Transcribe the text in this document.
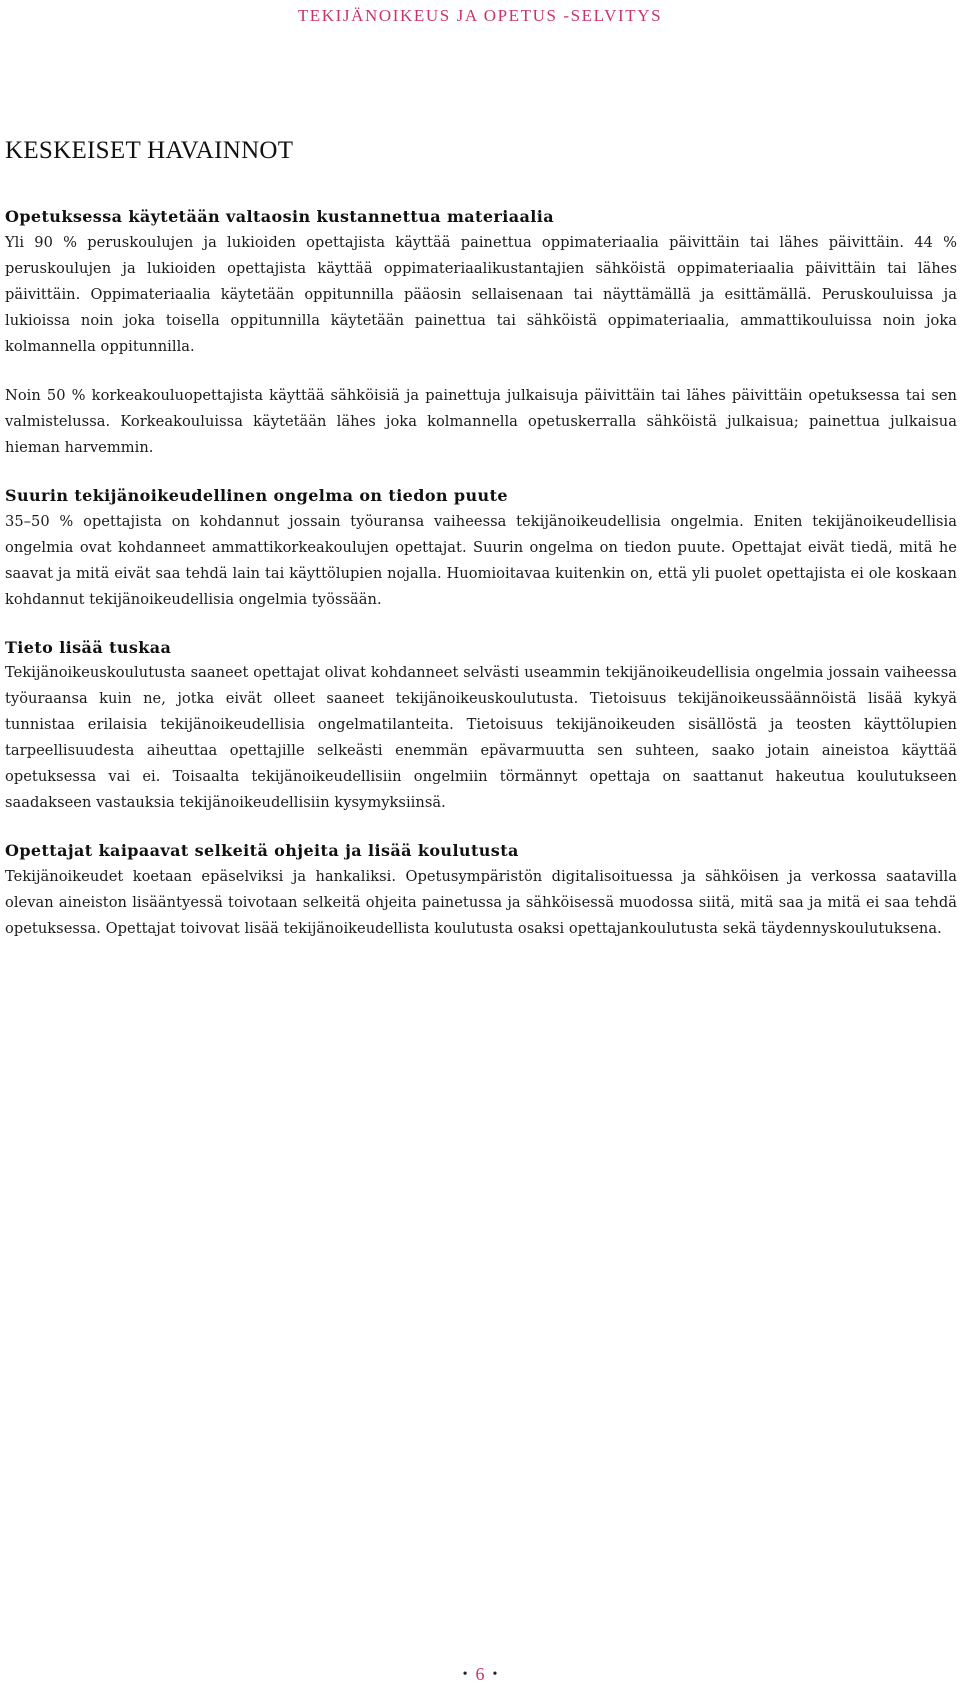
TEKIJÄNOIKEUS JA OPETUS -SELVITYS
KESKEISET HAVAINNOT
Opetuksessa käytetään valtaosin kustannettua materiaalia

Yli 90 % peruskoulujen ja lukioiden opettajista käyttää painettua oppimateriaalia päivittäin tai lähes päivittäin. 44 % peruskoulujen ja lukioiden opettajista käyttää oppimateriaalikustantajien sähköistä oppimateriaalia päivittäin tai lähes päivittäin. Oppimateriaalia käytetään oppitunnilla pääosin sellaisenaan tai näyttämällä ja esittämällä. Peruskouluissa ja lukioissa noin joka toisella oppitunnilla käytetään painettua tai sähköistä oppimateriaalia, ammattikouluissa noin joka kolmannella oppitunnilla.

Noin 50 % korkeakouluopettajista käyttää sähköisiä ja painettuja julkaisuja päivittäin tai lähes päivittäin opetuksessa tai sen valmistelussa. Korkeakouluissa käytetään lähes joka kolmannella opetuskerralla sähköistä julkaisua; painettua julkaisua hieman harvemmin.

Suurin tekijänoikeudellinen ongelma on tiedon puute

35–50 % opettajista on kohdannut jossain työuransa vaiheessa tekijänoikeudellisia ongelmia. Eniten tekijänoikeudellisia ongelmia ovat kohdanneet ammattikorkeakoulujen opettajat. Suurin ongelma on tiedon puute. Opettajat eivät tiedä, mitä he saavat ja mitä eivät saa tehdä lain tai käyttölupien nojalla. Huomioitavaa kuitenkin on, että yli puolet opettajista ei ole koskaan kohdannut tekijänoikeudellisia ongelmia työssään.

Tieto lisää tuskaa

Tekijänoikeuskoulutusta saaneet opettajat olivat kohdanneet selvästi useammin tekijänoikeudellisia ongelmia jossain vaiheessa työuraansa kuin ne, jotka eivät olleet saaneet tekijänoikeuskoulutusta. Tietoisuus tekijänoikeussäännöistä lisää kykyä tunnistaa erilaisia tekijänoikeudellisia ongelmatilanteita. Tietoisuus tekijänoikeuden sisällöstä ja teosten käyttölupien tarpeellisuudesta aiheuttaa opettajille selkeästi enemmän epävarmuutta sen suhteen, saako jotain aineistoa käyttää opetuksessa vai ei. Toisaalta tekijänoikeudellisiin ongelmiin törmännyt opettaja on saattanut hakeutua koulutukseen saadakseen vastauksia tekijänoikeudellisiin kysymyksiinsä.

Opettajat kaipaavat selkeitä ohjeita ja lisää koulutusta

Tekijänoikeudet koetaan epäselviksi ja hankaliksi. Opetusympäristön digitalisoituessa ja sähköisen ja verkossa saatavilla olevan aineiston lisääntyessä toivotaan selkeitä ohjeita painetussa ja sähköisessä muodossa siitä, mitä saa ja mitä ei saa tehdä opetuksessa. Opettajat toivovat lisää tekijänoikeudellista koulutusta osaksi opettajankoulutusta sekä täydennyskoulutuksena.

• 6 •
